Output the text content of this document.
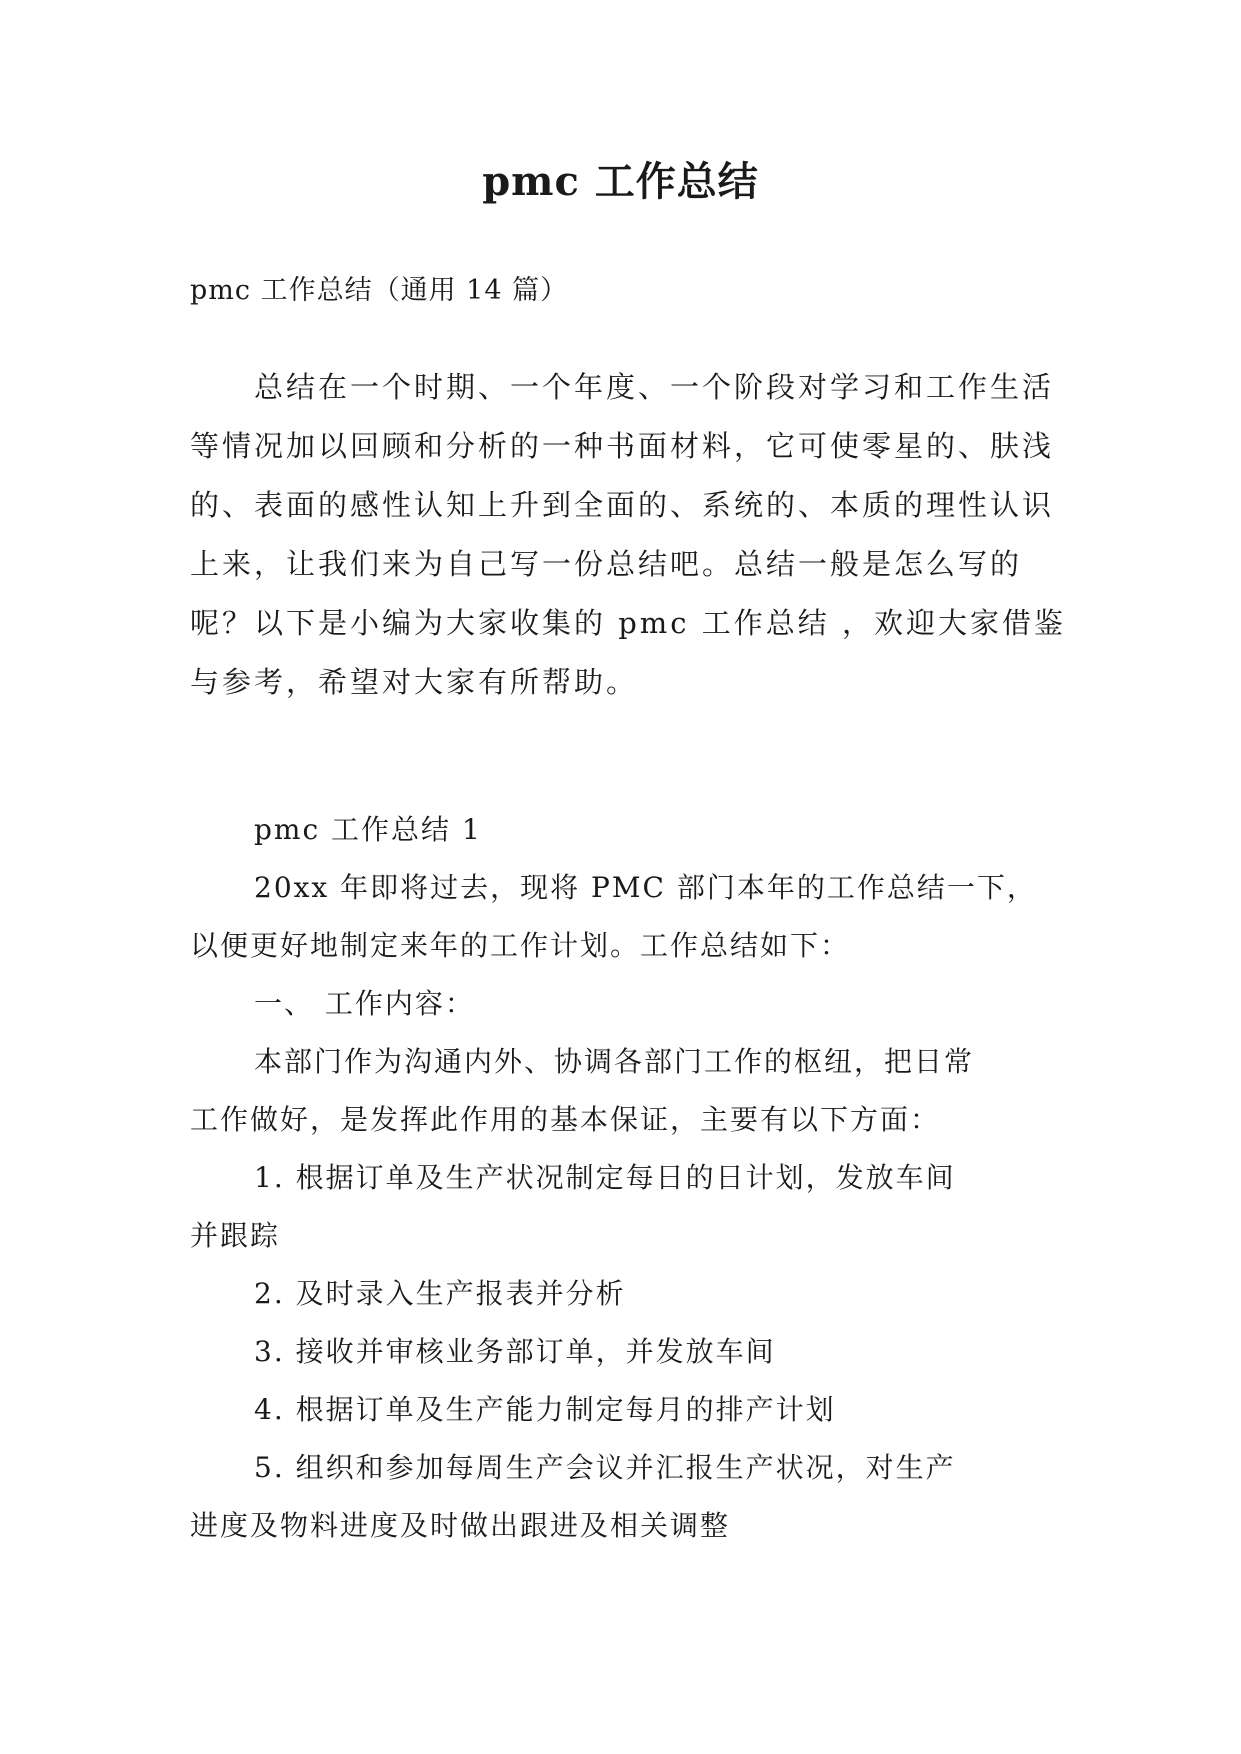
pmc 工作总结
pmc 工作总结（通用 14 篇）
总结在一个时期、一个年度、一个阶段对学习和工作生活等情况加以回顾和分析的一种书面材料，它可使零星的、肤浅的、表面的感性认知上升到全面的、系统的、本质的理性认识上来，让我们来为自己写一份总结吧。总结一般是怎么写的呢？以下是小编为大家收集的 pmc 工作总结 ，欢迎大家借鉴与参考，希望对大家有所帮助。
pmc 工作总结 1
20xx 年即将过去，现将 PMC 部门本年的工作总结一下，
以便更好地制定来年的工作计划。工作总结如下：
一、 工作内容：
本部门作为沟通内外、协调各部门工作的枢纽，把日常
工作做好，是发挥此作用的基本保证，主要有以下方面：
1. 根据订单及生产状况制定每日的日计划，发放车间
并跟踪
2. 及时录入生产报表并分析
3. 接收并审核业务部订单，并发放车间
4. 根据订单及生产能力制定每月的排产计划
5. 组织和参加每周生产会议并汇报生产状况，对生产
进度及物料进度及时做出跟进及相关调整
